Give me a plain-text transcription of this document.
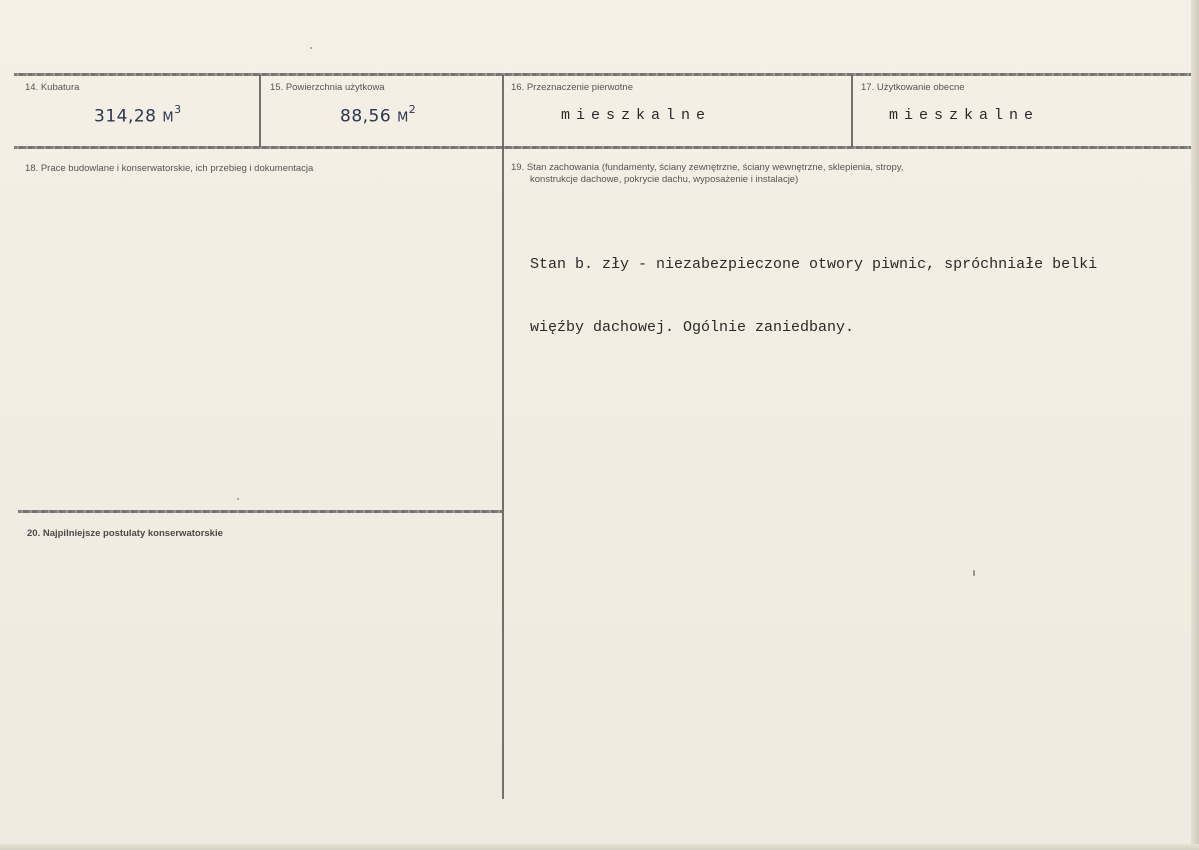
14. Kubatura
314,28 $M^3$
15. Powierzchnia użytkowa
88,56 $M^2$
16. Przeznaczenie pierwotne
mieszkalne
17. Użytkowanie obecne
mieszkalne
18. Prace budowlane i konserwatorskie, ich przebieg i dokumentacja	19. Stan zachowania (fundamenty, ściany zewnętrzne, ściany wewnętrzne, sklepienia, stropy,
konstrukcje dachowe, pokrycie dachu, wyposażenie i instalacje)

Stan b. zły - niezabezpieczone otwory piwnic, spróchniałe belki

więźby dachowej. Ogólnie zaniedbany.

20. Najpilniejsze postulaty konserwatorskie
